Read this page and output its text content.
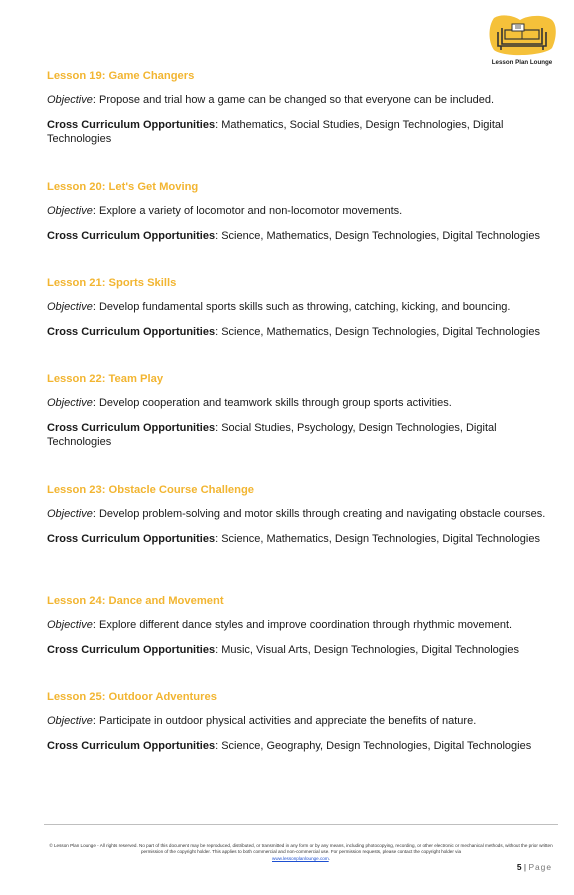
Lesson Plan Lounge
Lesson 19: Game Changers
Objective: Propose and trial how a game can be changed so that everyone can be included.
Cross Curriculum Opportunities: Mathematics, Social Studies, Design Technologies, Digital Technologies
Lesson 20: Let's Get Moving
Objective: Explore a variety of locomotor and non-locomotor movements.
Cross Curriculum Opportunities: Science, Mathematics, Design Technologies, Digital Technologies
Lesson 21: Sports Skills
Objective: Develop fundamental sports skills such as throwing, catching, kicking, and bouncing.
Cross Curriculum Opportunities: Science, Mathematics, Design Technologies, Digital Technologies
Lesson 22: Team Play
Objective: Develop cooperation and teamwork skills through group sports activities.
Cross Curriculum Opportunities: Social Studies, Psychology, Design Technologies, Digital Technologies
Lesson 23: Obstacle Course Challenge
Objective: Develop problem-solving and motor skills through creating and navigating obstacle courses.
Cross Curriculum Opportunities: Science, Mathematics, Design Technologies, Digital Technologies
Lesson 24: Dance and Movement
Objective: Explore different dance styles and improve coordination through rhythmic movement.
Cross Curriculum Opportunities: Music, Visual Arts, Design Technologies, Digital Technologies
Lesson 25: Outdoor Adventures
Objective: Participate in outdoor physical activities and appreciate the benefits of nature.
Cross Curriculum Opportunities: Science, Geography, Design Technologies, Digital Technologies
© Lesson Plan Lounge - All rights reserved. No part of this document may be reproduced, distributed, or transmitted in any form or by any means, including photocopying, recording, or other electronic or mechanical methods, without the prior written permission of the copyright holder. This applies to both commercial and non-commercial use. For permission requests, please contact the copyright holder via
www.lessonplanlounge.com.
5 | Page
